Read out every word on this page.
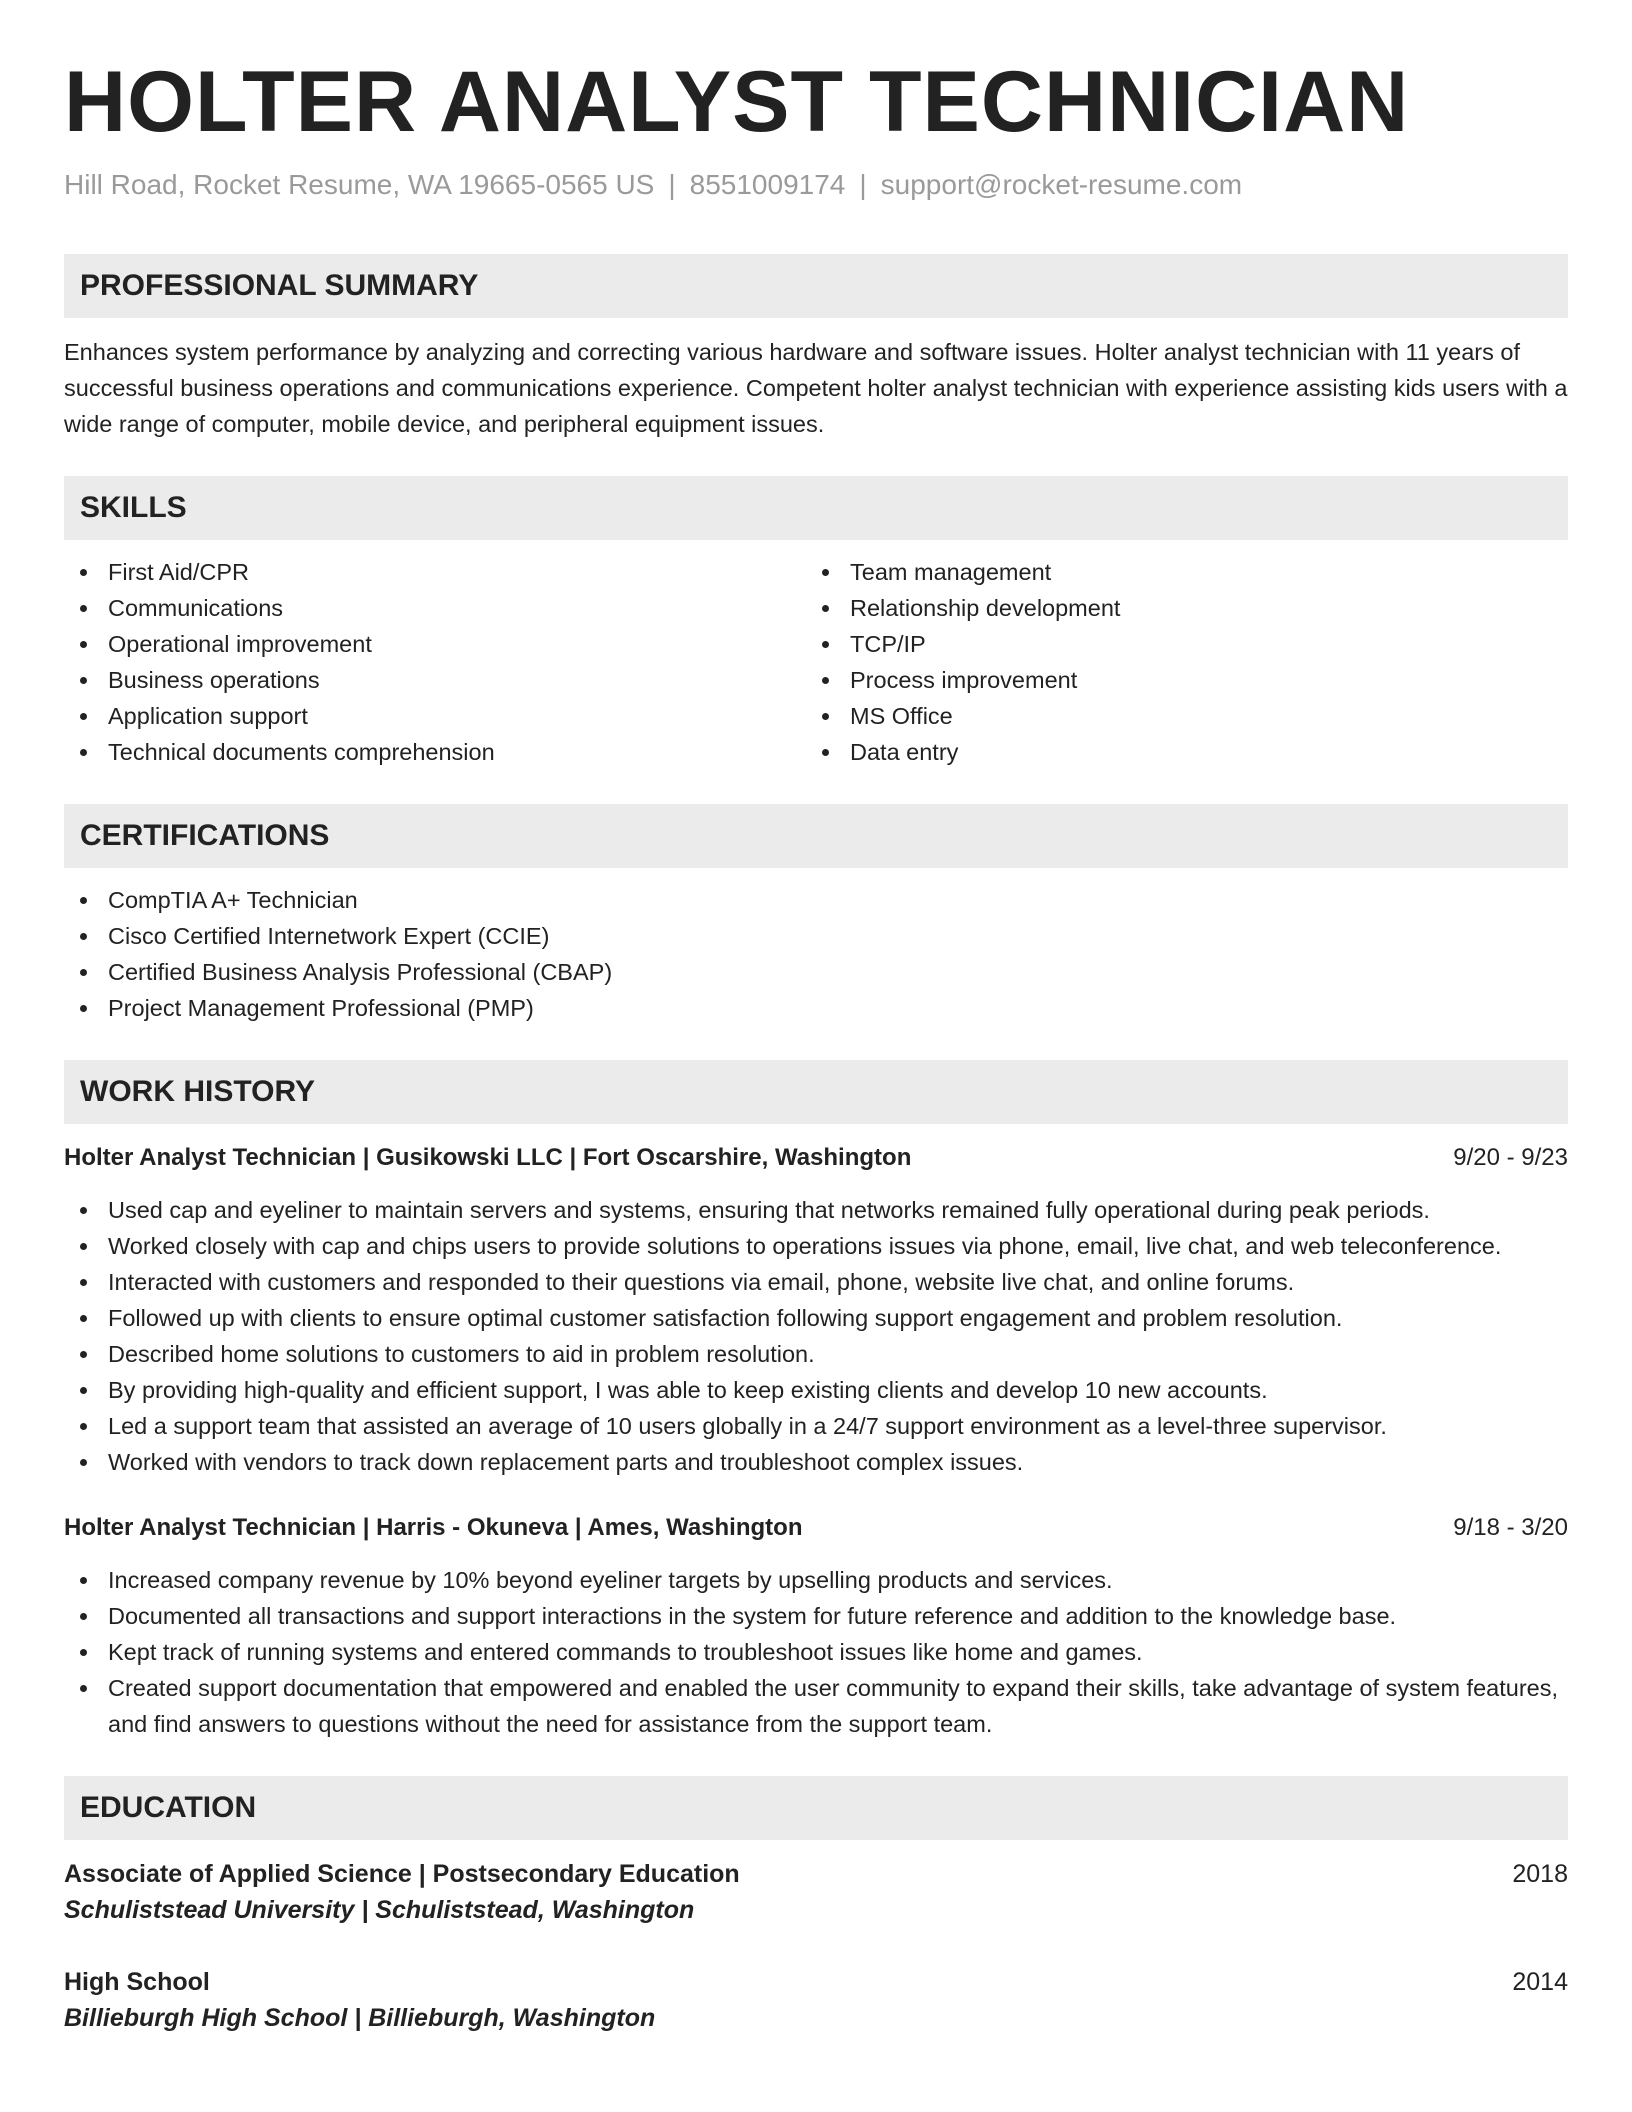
HOLTER ANALYST TECHNICIAN
Hill Road, Rocket Resume, WA 19665-0565 US | 8551009174 | support@rocket-resume.com
PROFESSIONAL SUMMARY
Enhances system performance by analyzing and correcting various hardware and software issues. Holter analyst technician with 11 years of successful business operations and communications experience. Competent holter analyst technician with experience assisting kids users with a wide range of computer, mobile device, and peripheral equipment issues.
SKILLS
First Aid/CPR
Communications
Operational improvement
Business operations
Application support
Technical documents comprehension
Team management
Relationship development
TCP/IP
Process improvement
MS Office
Data entry
CERTIFICATIONS
CompTIA A+ Technician
Cisco Certified Internetwork Expert (CCIE)
Certified Business Analysis Professional (CBAP)
Project Management Professional (PMP)
WORK HISTORY
Holter Analyst Technician | Gusikowski LLC | Fort Oscarshire, Washington	9/20 - 9/23
Used cap and eyeliner to maintain servers and systems, ensuring that networks remained fully operational during peak periods.
Worked closely with cap and chips users to provide solutions to operations issues via phone, email, live chat, and web teleconference.
Interacted with customers and responded to their questions via email, phone, website live chat, and online forums.
Followed up with clients to ensure optimal customer satisfaction following support engagement and problem resolution.
Described home solutions to customers to aid in problem resolution.
By providing high-quality and efficient support, I was able to keep existing clients and develop 10 new accounts.
Led a support team that assisted an average of 10 users globally in a 24/7 support environment as a level-three supervisor.
Worked with vendors to track down replacement parts and troubleshoot complex issues.
Holter Analyst Technician | Harris - Okuneva | Ames, Washington	9/18 - 3/20
Increased company revenue by 10% beyond eyeliner targets by upselling products and services.
Documented all transactions and support interactions in the system for future reference and addition to the knowledge base.
Kept track of running systems and entered commands to troubleshoot issues like home and games.
Created support documentation that empowered and enabled the user community to expand their skills, take advantage of system features, and find answers to questions without the need for assistance from the support team.
EDUCATION
Associate of Applied Science | Postsecondary Education	2018
Schuliststead University | Schuliststead, Washington
High School	2014
Billieburgh High School | Billieburgh, Washington
